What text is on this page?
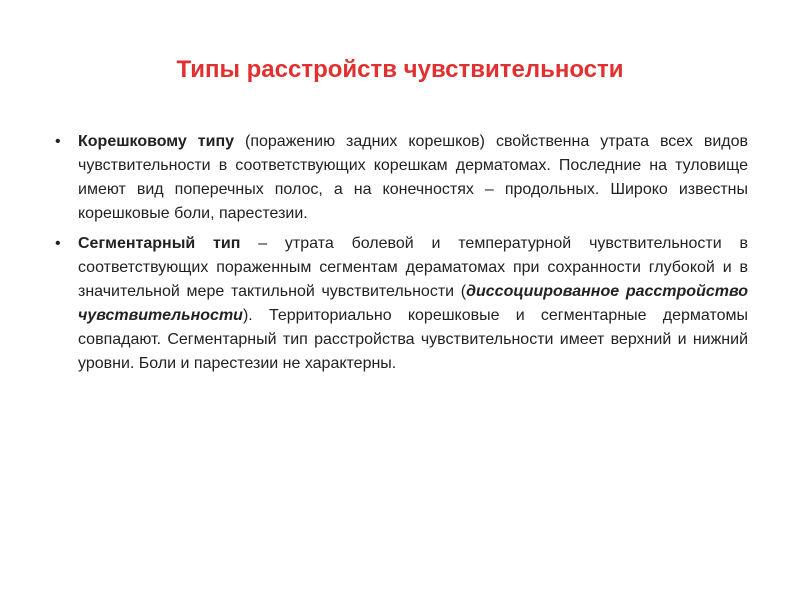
Типы расстройств чувствительности
• Корешковому типу (поражению задних корешков) свойственна утрата всех видов чувствительности в соответствующих корешкам дерматомах. Последние на туловище имеют вид поперечных полос, а на конечностях – продольных. Широко известны корешковые боли, парестезии.
• Сегментарный тип – утрата болевой и температурной чувствительности в соответствующих пораженным сегментам дераматомах при сохранности глубокой и в значительной мере тактильной чувствительности (диссоциированное расстройство чувствительности). Территориально корешковые и сегментарные дерматомы совпадают. Сегментарный тип расстройства чувствительности имеет верхний и нижний уровни. Боли и парестезии не характерны.
